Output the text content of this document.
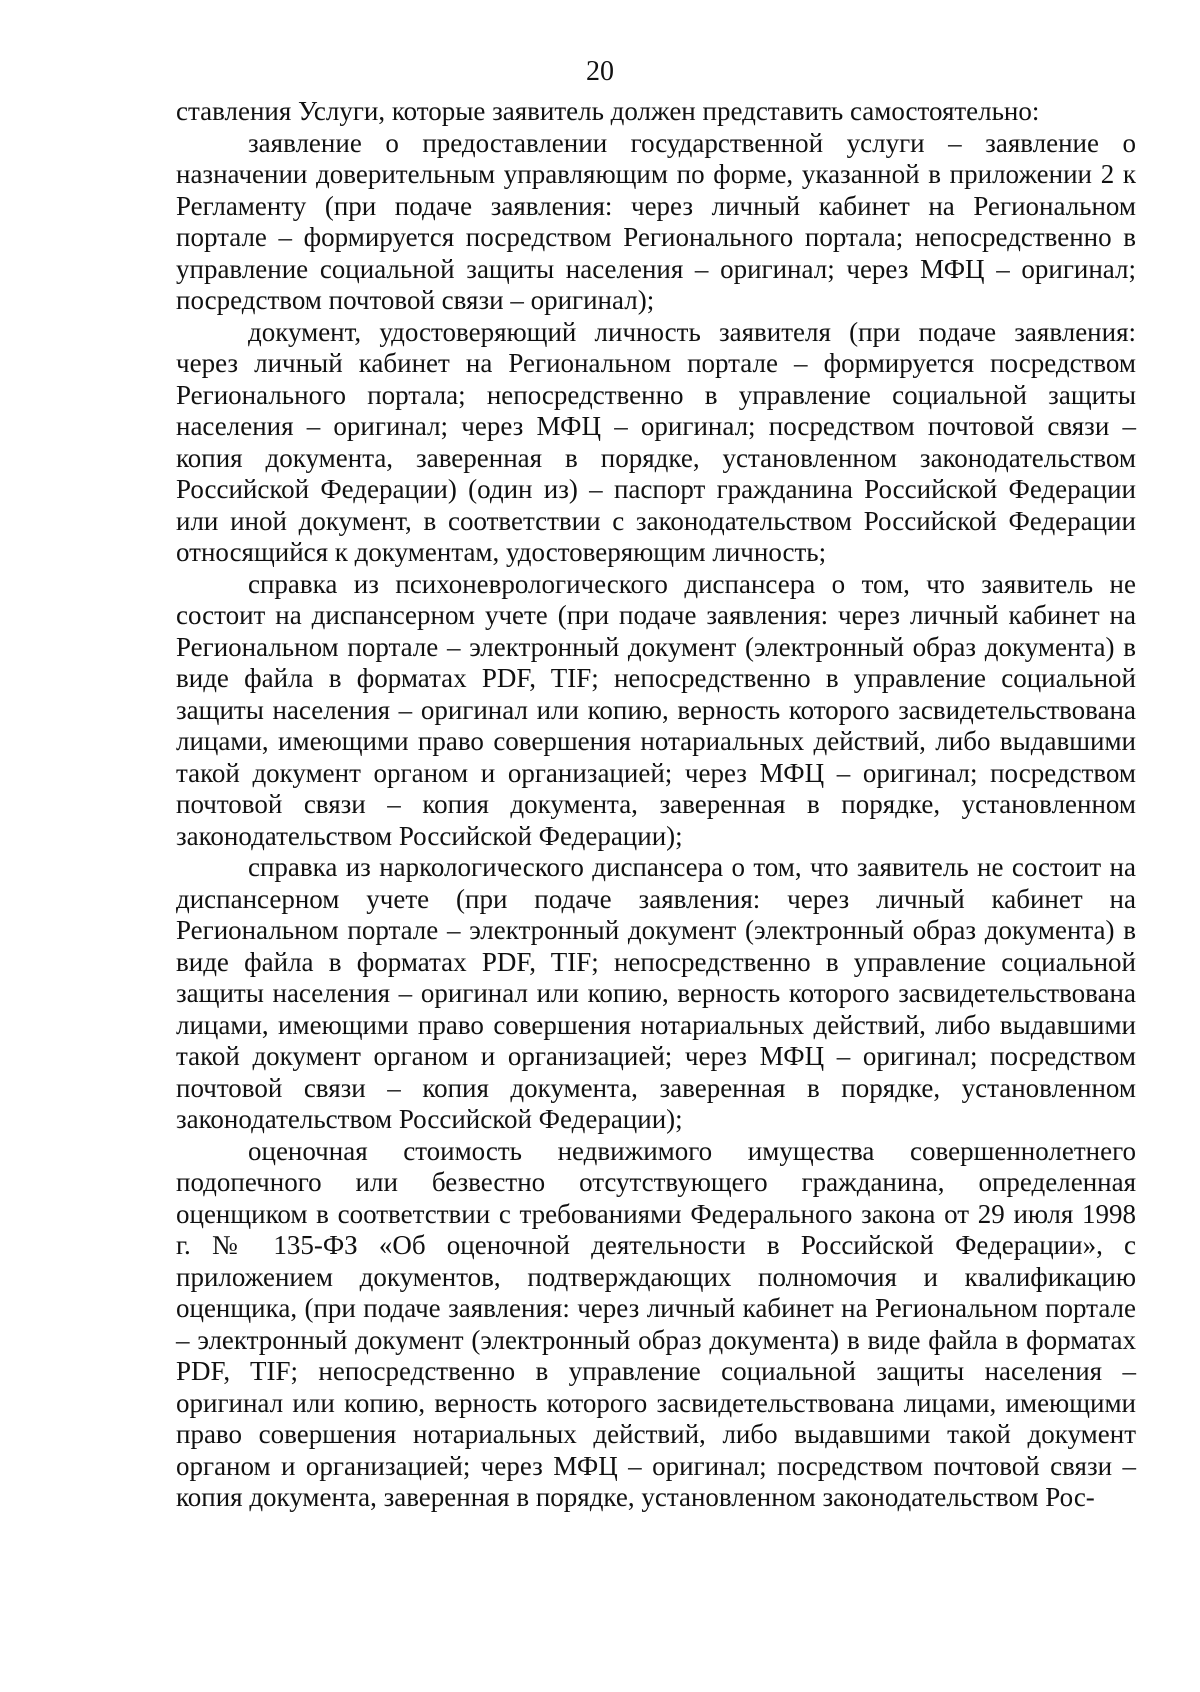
20

ставления Услуги, которые заявитель должен представить самостоятельно:

заявление о предоставлении государственной услуги – заявление о назначении доверительным управляющим по форме, указанной в приложении 2 к Регламенту (при подаче заявления: через личный кабинет на Региональном портале – формируется посредством Регионального портала; непосредственно в управление социальной защиты населения – оригинал; через МФЦ – оригинал; посредством почтовой связи – оригинал);

документ, удостоверяющий личность заявителя (при подаче заявления: через личный кабинет на Региональном портале – формируется посредством Регионального портала; непосредственно в управление социальной защиты населения – оригинал; через МФЦ – оригинал; посредством почтовой связи – копия документа, заверенная в порядке, установленном законодательством Российской Федерации) (один из) – паспорт гражданина Российской Федерации или иной документ, в соответствии с законодательством Российской Федерации относящийся к документам, удостоверяющим личность;

справка из психоневрологического диспансера о том, что заявитель не состоит на диспансерном учете (при подаче заявления: через личный кабинет на Региональном портале – электронный документ (электронный образ документа) в виде файла в форматах PDF, TIF; непосредственно в управление социальной защиты населения – оригинал или копию, верность которого засвидетельствована лицами, имеющими право совершения нотариальных действий, либо выдавшими такой документ органом и организацией; через МФЦ – оригинал; посредством почтовой связи – копия документа, заверенная в порядке, установленном законодательством Российской Федерации);

справка из наркологического диспансера о том, что заявитель не состоит на диспансерном учете (при подаче заявления: через личный кабинет на Региональном портале – электронный документ (электронный образ документа) в виде файла в форматах PDF, TIF; непосредственно в управление социальной защиты населения – оригинал или копию, верность которого засвидетельствована лицами, имеющими право совершения нотариальных действий, либо выдавшими такой документ органом и организацией; через МФЦ – оригинал; посредством почтовой связи – копия документа, заверенная в порядке, установленном законодательством Российской Федерации);

оценочная стоимость недвижимого имущества совершеннолетнего подопечного или безвестно отсутствующего гражданина, определенная оценщиком в соответствии с требованиями Федерального закона от 29 июля 1998 г. № 135-ФЗ «Об оценочной деятельности в Российской Федерации», с приложением документов, подтверждающих полномочия и квалификацию оценщика, (при подаче заявления: через личный кабинет на Региональном портале – электронный документ (электронный образ документа) в виде файла в форматах PDF, TIF; непосредственно в управление социальной защиты населения – оригинал или копию, верность которого засвидетельствована лицами, имеющими право совершения нотариальных действий, либо выдавшими такой документ органом и организацией; через МФЦ – оригинал; посредством почтовой связи – копия документа, заверенная в порядке, установленном законодательством Рос-
